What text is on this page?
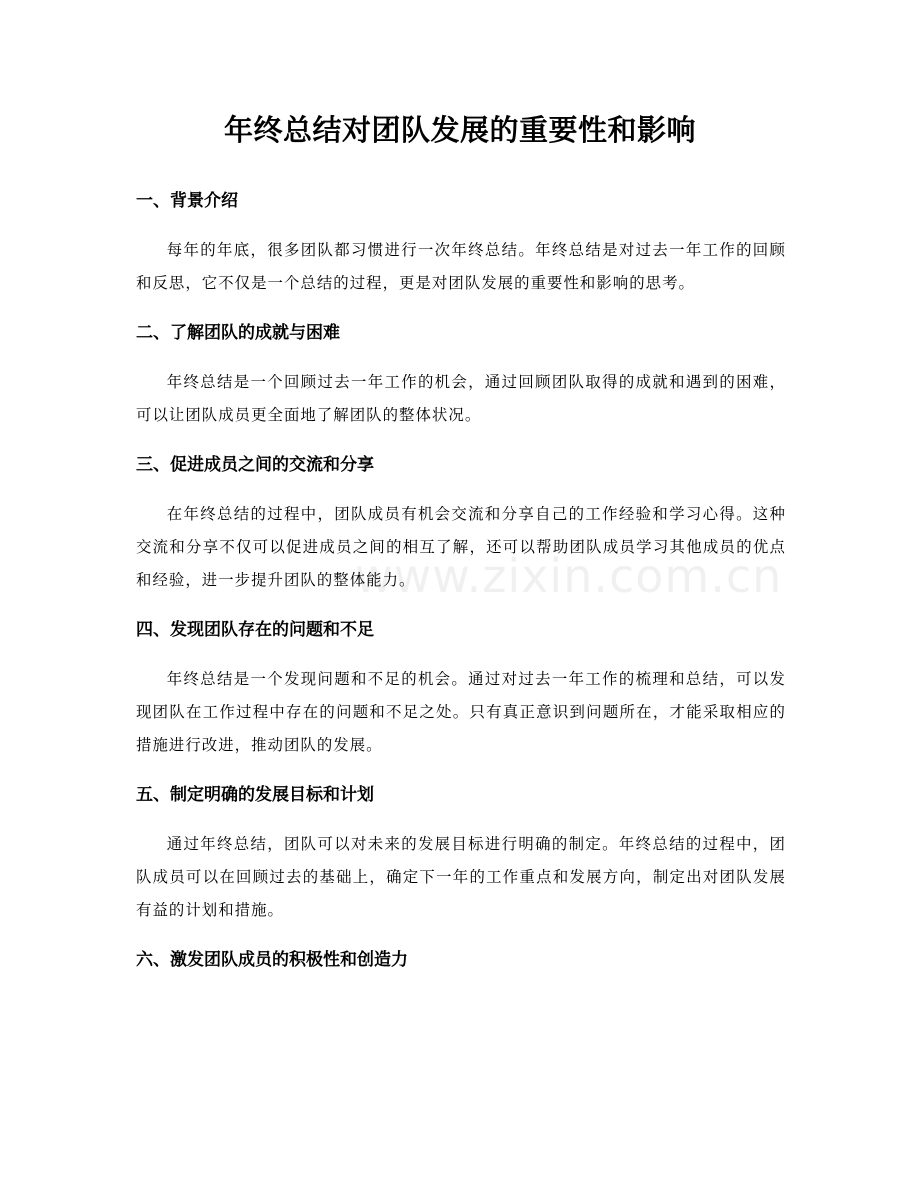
年终总结对团队发展的重要性和影响
www.zixin.com.cn
一、背景介绍

每年的年底，很多团队都习惯进行一次年终总结。年终总结是对过去一年工作的回顾和反思，它不仅是一个总结的过程，更是对团队发展的重要性和影响的思考。

二、了解团队的成就与困难

年终总结是一个回顾过去一年工作的机会，通过回顾团队取得的成就和遇到的困难，可以让团队成员更全面地了解团队的整体状况。

三、促进成员之间的交流和分享

在年终总结的过程中，团队成员有机会交流和分享自己的工作经验和学习心得。这种交流和分享不仅可以促进成员之间的相互了解，还可以帮助团队成员学习其他成员的优点和经验，进一步提升团队的整体能力。

四、发现团队存在的问题和不足

年终总结是一个发现问题和不足的机会。通过对过去一年工作的梳理和总结，可以发现团队在工作过程中存在的问题和不足之处。只有真正意识到问题所在，才能采取相应的措施进行改进，推动团队的发展。

五、制定明确的发展目标和计划

通过年终总结，团队可以对未来的发展目标进行明确的制定。年终总结的过程中，团队成员可以在回顾过去的基础上，确定下一年的工作重点和发展方向，制定出对团队发展有益的计划和措施。

六、激发团队成员的积极性和创造力
